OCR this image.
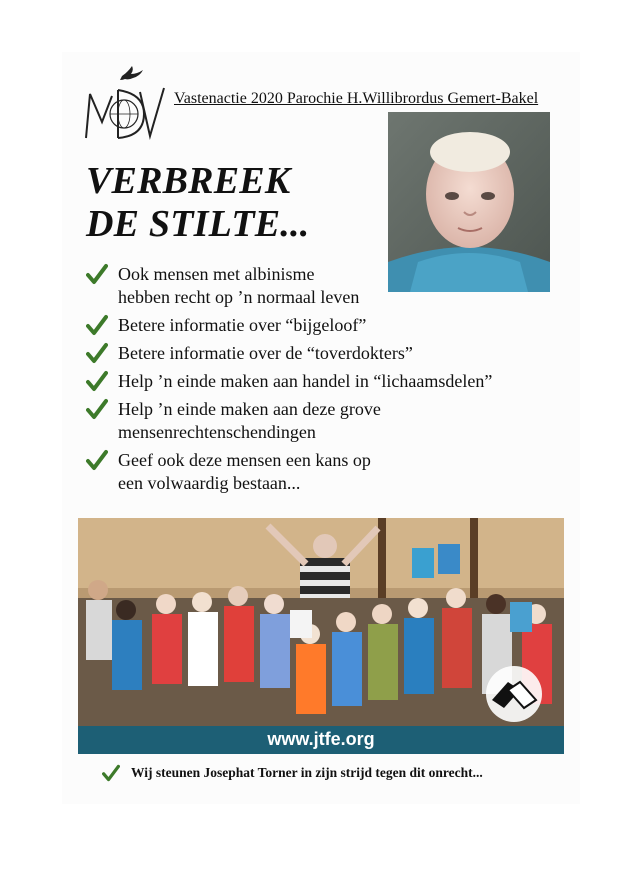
Vastenactie 2020 Parochie H.Willibrordus Gemert-Bakel
VERBREEK
DE STILTE...
Ook mensen met albinisme
hebben recht op ’n normaal leven
Betere informatie over “bijgeloof”
Betere informatie over de “toverdokters”
Help ’n einde maken aan handel in “lichaamsdelen”
Help ’n einde maken aan deze grove
mensenrechtenschendingen
Geef ook deze mensen een kans op
een volwaardig bestaan...
www.jtfe.org
Wij steunen Josephat Torner in zijn strijd tegen dit onrecht...
